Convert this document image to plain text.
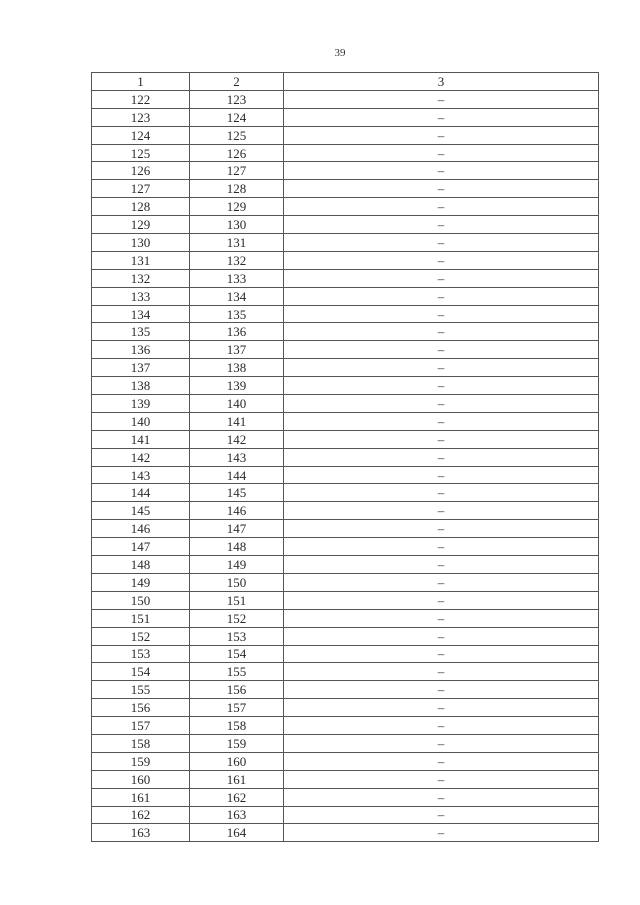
39
1	2	3
122	123	–
123	124	–
124	125	–
125	126	–
126	127	–
127	128	–
128	129	–
129	130	–
130	131	–
131	132	–
132	133	–
133	134	–
134	135	–
135	136	–
136	137	–
137	138	–
138	139	–
139	140	–
140	141	–
141	142	–
142	143	–
143	144	–
144	145	–
145	146	–
146	147	–
147	148	–
148	149	–
149	150	–
150	151	–
151	152	–
152	153	–
153	154	–
154	155	–
155	156	–
156	157	–
157	158	–
158	159	–
159	160	–
160	161	–
161	162	–
162	163	–
163	164	–
